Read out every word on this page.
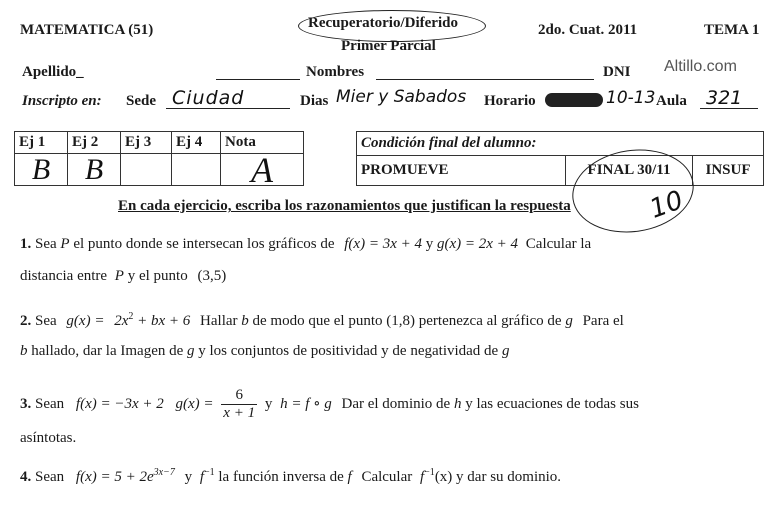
MATEMATICA (51)	Recuperatorio/Diferido
Primer Parcial
2do. Cuat. 2011	TEMA 1
Altillo.com
Apellido_	Nombres	DNI
Inscripto en: Sede Ciudad	Dias Mier y Sabados Horario	10-13 Aula 321
Ej 1	Ej 2	Ej 3	Ej 4	Nota
B	B			A
Condición final del alumno:
PROMUEVE	FINAL 30/11	INSUF
10
En cada ejercicio, escriba los razonamientos que justifican la respuesta
1. Sea P el punto donde se intersecan los gráficos de f(x) = 3x + 4 y g(x) = 2x + 4 Calcular la
distancia entre P y el punto (3,5)
2. Sea $g(x) = 2x^2$ + bx + 6 Hallar b de modo que el punto (1,8) pertenezca al gráfico de g Para el
b hallado, dar la Imagen de g y los conjuntos de positividad y de negatividad de g
3. Sean f(x) = −3x + 2 $g(x) = \frac{6}{x + 1}$ y h = f ∘ g Dar el dominio de h y las ecuaciones de todas sus
asíntotas.
4. Sean $f(x) = 5 + 2e^{3x-7}$ y $f^{-1}$ la función inversa de f Calcular $f^{-1}(x)$ y dar su dominio.
